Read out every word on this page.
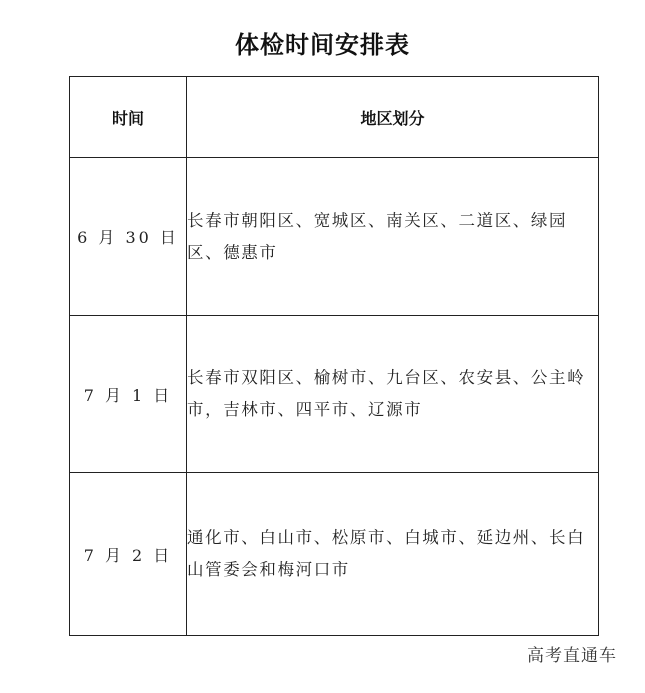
体检时间安排表
时间	地区划分
6 月 30 日	长春市朝阳区、宽城区、南关区、二道区、绿园区、德惠市
7 月 1 日	长春市双阳区、榆树市、九台区、农安县、公主岭市，吉林市、四平市、辽源市
7 月 2 日	通化市、白山市、松原市、白城市、延边州、长白山管委会和梅河口市
高考直通车
